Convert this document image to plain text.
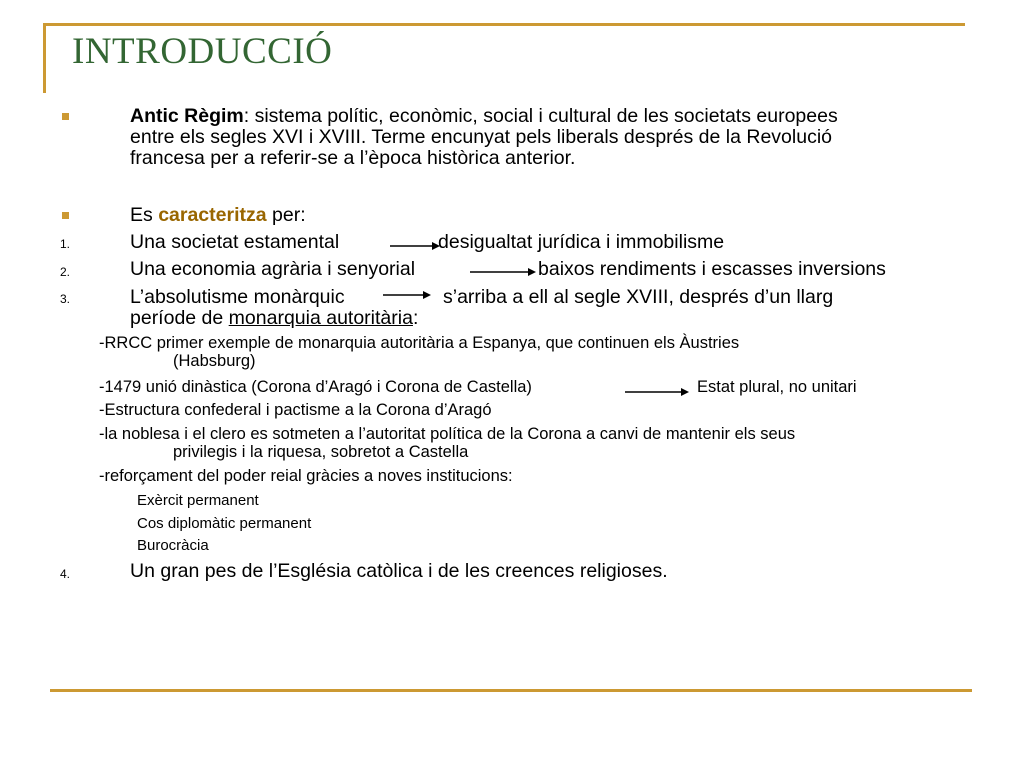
INTRODUCCIÓ
Antic Règim: sistema polític, econòmic, social i cultural de les societats europees
entre els segles XVI i XVIII. Terme encunyat pels liberals després de la Revolució
francesa per a referir-se a l’època històrica anterior.
Es caracteritza per:
1.	Una societat estamental	desigualtat jurídica i immobilisme
2.	Una economia agrària i senyorial	baixos rendiments i escasses inversions
3.	L’absolutisme monàrquic	s’arriba a ell al segle XVIII, després d’un llarg
període de monarquia autoritària:
-RRCC primer exemple de monarquia autoritària a Espanya, que continuen els Àustries
(Habsburg)
-1479 unió dinàstica (Corona d’Aragó i Corona de Castella)	Estat plural, no unitari
-Estructura confederal i pactisme a la Corona d’Aragó
-la noblesa i el clero es sotmeten a l’autoritat política de la Corona a canvi de mantenir els seus
privilegis i la riquesa, sobretot a Castella
-reforçament del poder reial gràcies a noves institucions:
Exèrcit permanent
Cos diplomàtic permanent
Burocràcia
4.	Un gran pes de l’Església catòlica i de les creences religioses.
